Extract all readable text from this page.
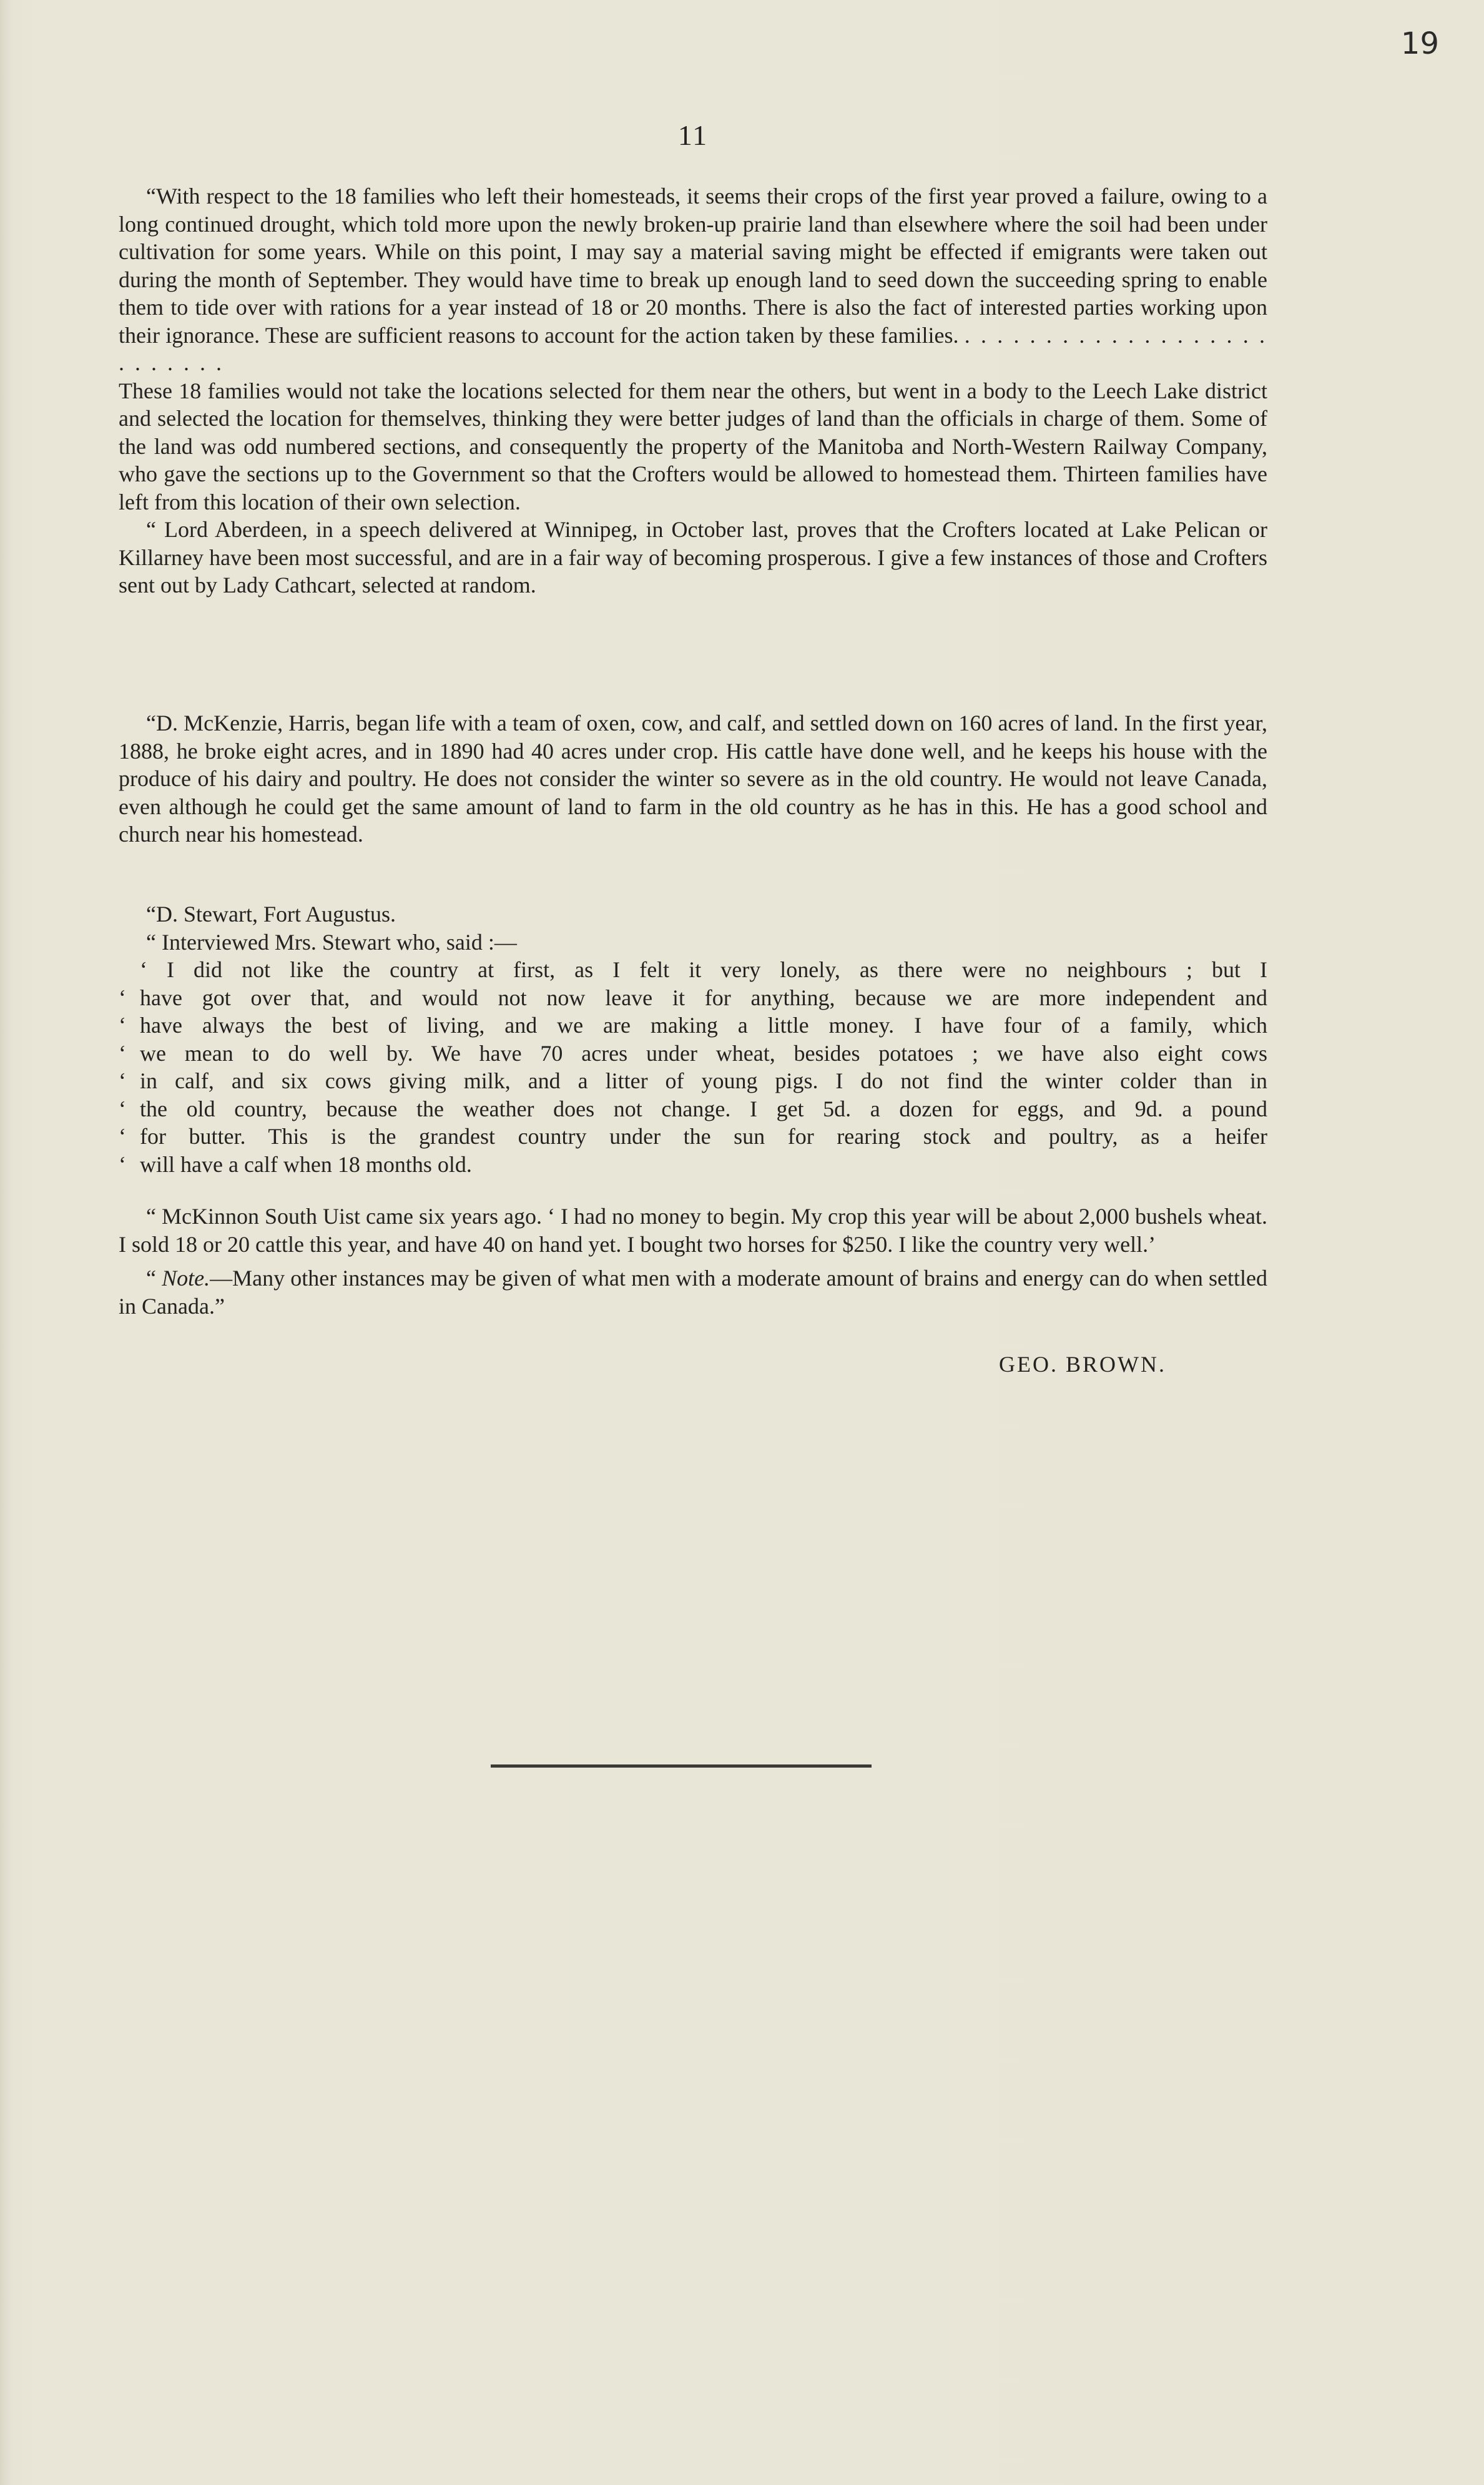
19
11

“With respect to the 18 families who left their homesteads, it seems their crops of the first year proved a failure, owing to a long continued drought, which told more upon the newly broken-up prairie land than elsewhere where the soil had been under cultivation for some years. While on this point, I may say a material saving might be effected if emigrants were taken out during the month of September. They would have time to break up enough land to seed down the succeeding spring to enable them to tide over with rations for a year instead of 18 or 20 months. There is also the fact of interested parties working upon their ignorance. These are sufficient reasons to account for the action taken by these families. . . . . . . . . . . . . . . . . . . . . . . . . . .

These 18 families would not take the locations selected for them near the others, but went in a body to the Leech Lake district and selected the location for themselves, thinking they were better judges of land than the officials in charge of them. Some of the land was odd numbered sections, and consequently the property of the Manitoba and North-Western Railway Company, who gave the sections up to the Government so that the Crofters would be allowed to homestead them. Thirteen families have left from this location of their own selection.

“ Lord Aberdeen, in a speech delivered at Winnipeg, in October last, proves that the Crofters located at Lake Pelican or Killarney have been most successful, and are in a fair way of becoming prosperous. I give a few instances of those and Crofters sent out by Lady Cathcart, selected at random.

“D. McKenzie, Harris, began life with a team of oxen, cow, and calf, and settled down on 160 acres of land. In the first year, 1888, he broke eight acres, and in 1890 had 40 acres under crop. His cattle have done well, and he keeps his house with the produce of his dairy and poultry. He does not consider the winter so severe as in the old country. He would not leave Canada, even although he could get the same amount of land to farm in the old country as he has in this. He has a good school and church near his homestead.

“D. Stewart, Fort Augustus.

“ Interviewed Mrs. Stewart who, said :—

‘ I did not like the country at first, as I felt it very lonely, as there were no neighbours ; but I
‘ have got over that, and would not now leave it for anything, because we are more independent and
‘ have always the best of living, and we are making a little money. I have four of a family, which
‘ we mean to do well by. We have 70 acres under wheat, besides potatoes ; we have also eight cows
‘ in calf, and six cows giving milk, and a litter of young pigs. I do not find the winter colder than in
‘ the old country, because the weather does not change. I get 5d. a dozen for eggs, and 9d. a pound
‘ for butter. This is the grandest country under the sun for rearing stock and poultry, as a heifer
‘ will have a calf when 18 months old.

“ McKinnon South Uist came six years ago. ‘ I had no money to begin. My crop this year will be about 2,000 bushels wheat. I sold 18 or 20 cattle this year, and have 40 on hand yet. I bought two horses for $250. I like the country very well.’

“ Note.—Many other instances may be given of what men with a moderate amount of brains and energy can do when settled in Canada.”

GEO. BROWN.
